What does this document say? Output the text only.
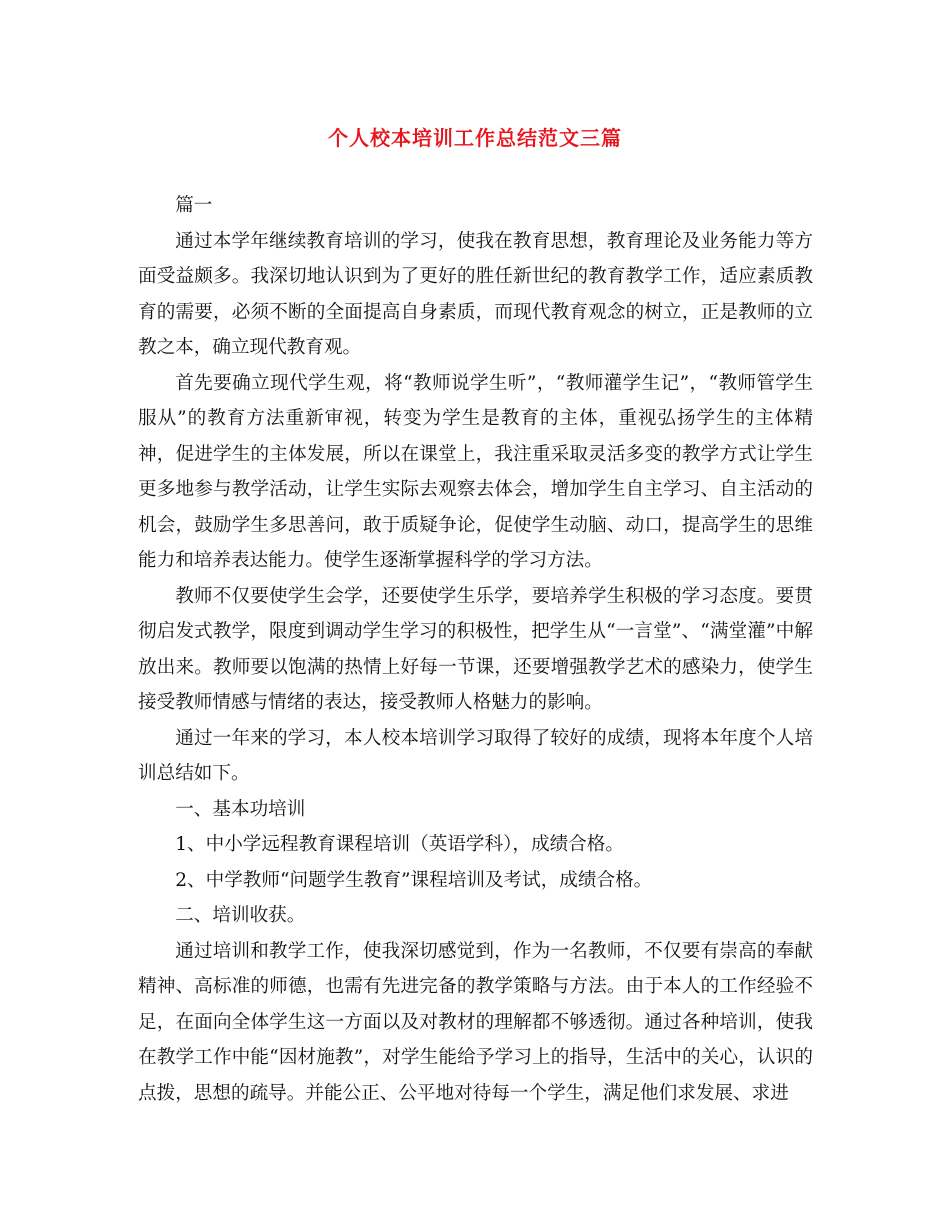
个人校本培训工作总结范文三篇

篇一

通过本学年继续教育培训的学习，使我在教育思想，教育理论及业务能力等方面受益颇多。我深切地认识到为了更好的胜任新世纪的教育教学工作，适应素质教育的需要，必须不断的全面提高自身素质，而现代教育观念的树立，正是教师的立教之本，确立现代教育观。

首先要确立现代学生观，将“教师说学生听”，“教师灌学生记”，“教师管学生服从”的教育方法重新审视，转变为学生是教育的主体，重视弘扬学生的主体精神，促进学生的主体发展，所以在课堂上，我注重采取灵活多变的教学方式让学生更多地参与教学活动，让学生实际去观察去体会，增加学生自主学习、自主活动的机会，鼓励学生多思善问，敢于质疑争论，促使学生动脑、动口，提高学生的思维能力和培养表达能力。使学生逐渐掌握科学的学习方法。

教师不仅要使学生会学，还要使学生乐学，要培养学生积极的学习态度。要贯彻启发式教学，限度到调动学生学习的积极性，把学生从“一言堂”、“满堂灌”中解放出来。教师要以饱满的热情上好每一节课，还要增强教学艺术的感染力，使学生接受教师情感与情绪的表达，接受教师人格魅力的影响。

通过一年来的学习，本人校本培训学习取得了较好的成绩，现将本年度个人培训总结如下。

一、基本功培训

1、中小学远程教育课程培训（英语学科），成绩合格。

2、中学教师“问题学生教育”课程培训及考试，成绩合格。

二、培训收获。

通过培训和教学工作，使我深切感觉到，作为一名教师，不仅要有崇高的奉献精神、高标准的师德，也需有先进完备的教学策略与方法。由于本人的工作经验不足，在面向全体学生这一方面以及对教材的理解都不够透彻。通过各种培训，使我在教学工作中能“因材施教”，对学生能给予学习上的指导，生活中的关心，认识的点拨，思想的疏导。并能公正、公平地对待每一个学生，满足他们求发展、求进
